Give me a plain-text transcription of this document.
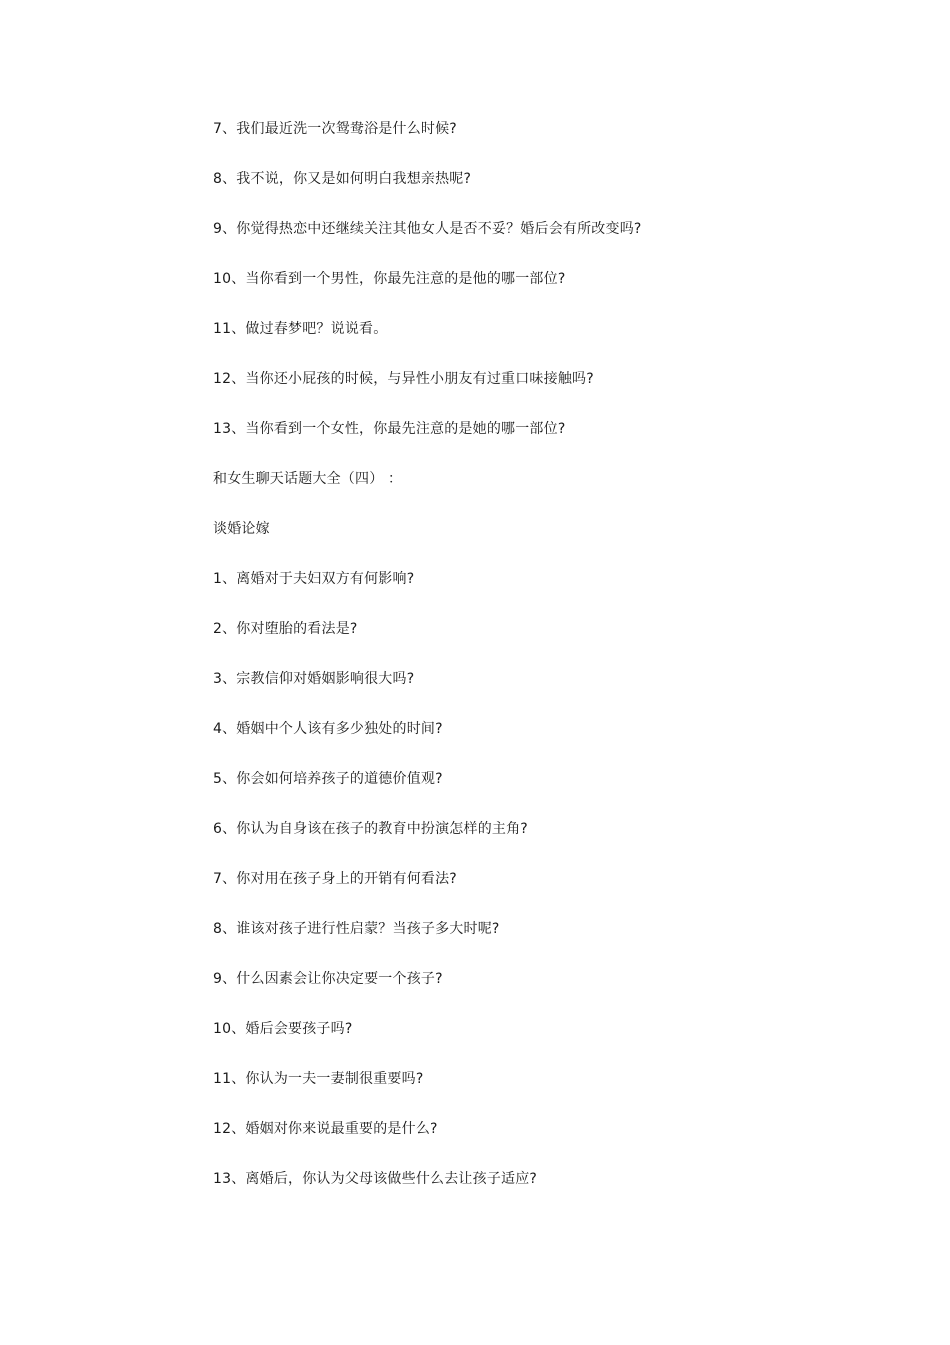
7、我们最近洗一次鸳鸯浴是什么时候?
8、我不说，你又是如何明白我想亲热呢?
9、你觉得热恋中还继续关注其他女人是否不妥？婚后会有所改变吗?
10、当你看到一个男性，你最先注意的是他的哪一部位?
11、做过春梦吧？说说看。
12、当你还小屁孩的时候，与异性小朋友有过重口味接触吗?
13、当你看到一个女性，你最先注意的是她的哪一部位?
和女生聊天话题大全（四） ：
谈婚论嫁
1、离婚对于夫妇双方有何影响?
2、你对堕胎的看法是?
3、宗教信仰对婚姻影响很大吗?
4、婚姻中个人该有多少独处的时间?
5、你会如何培养孩子的道德价值观?
6、你认为自身该在孩子的教育中扮演怎样的主角?
7、你对用在孩子身上的开销有何看法?
8、谁该对孩子进行性启蒙？当孩子多大时呢?
9、什么因素会让你决定要一个孩子?
10、婚后会要孩子吗?
11、你认为一夫一妻制很重要吗?
12、婚姻对你来说最重要的是什么?
13、离婚后，你认为父母该做些什么去让孩子适应?
